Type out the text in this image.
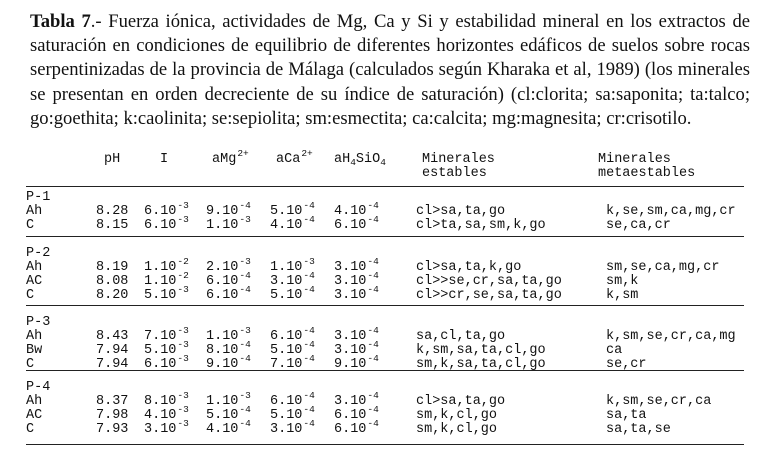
Tabla 7.- Fuerza iónica, actividades de Mg, Ca y Si y estabilidad mineral en los extractos de saturación en condiciones de equilibrio de diferentes horizontes edáficos de suelos sobre rocas serpentinizadas de la provincia de Málaga (calculados según Kharaka et al, 1989) (los minerales se presentan en orden decreciente de su índice de saturación) (cl:clorita; sa:saponita; ta:talco; go:goethita; k:caolinita; se:sepiolita; sm:esmectita; ca:calcita; mg:magnesita; cr:crisotilo.
pH	I	aMg$^{2+}$ aCa$^{2+}$ $aH_4SiO_4$	Minerales
estables
Minerales
metaestables
P-1
Ah	8.28 $6.10^{-3}$ $9.10^{-4}$ $5.10^{-4}$ $4.10^{-4}$	cl>sa,ta,go	k,se,sm,ca,mg,cr
C	8.15 $6.10^{-3}$ $1.10^{-3}$ $4.10^{-4}$ $6.10^{-4}$	cl>ta,sa,sm,k,go	se,ca,cr
P-2
Ah	8.19 $1.10^{-2}$ $2.10^{-3}$ $1.10^{-3}$ $3.10^{-4}$	cl>sa,ta,k,go	sm,se,ca,mg,cr
AC	8.08 $1.10^{-2}$ $6.10^{-4}$ $3.10^{-4}$ $3.10^{-4}$	cl>>se,cr,sa,ta,go	sm,k
C	8.20 $5.10^{-3}$ $6.10^{-4}$ $5.10^{-4}$ $3.10^{-4}$	cl>>cr,se,sa,ta,go	k,sm
P-3
Ah	8.43 $7.10^{-3}$ $1.10^{-3}$ $6.10^{-4}$ $3.10^{-4}$	sa,cl,ta,go	k,sm,se,cr,ca,mg
Bw	7.94 $5.10^{-3}$ $8.10^{-4}$ $5.10^{-4}$ $3.10^{-4}$	k,sm,sa,ta,cl,go	ca
C	7.94 $6.10^{-3}$ $9.10^{-4}$ $7.10^{-4}$ $9.10^{-4}$	sm,k,sa,ta,cl,go	se,cr
P-4
Ah	8.37 $8.10^{-3}$ $1.10^{-3}$ $6.10^{-4}$ $3.10^{-4}$	cl>sa,ta,go	k,sm,se,cr,ca
AC	7.98 $4.10^{-3}$ $5.10^{-4}$ $5.10^{-4}$ $6.10^{-4}$	sm,k,cl,go	sa,ta
C	7.93 $3.10^{-3}$ $4.10^{-4}$ $3.10^{-4}$ $6.10^{-4}$	sm,k,cl,go	sa,ta,se
